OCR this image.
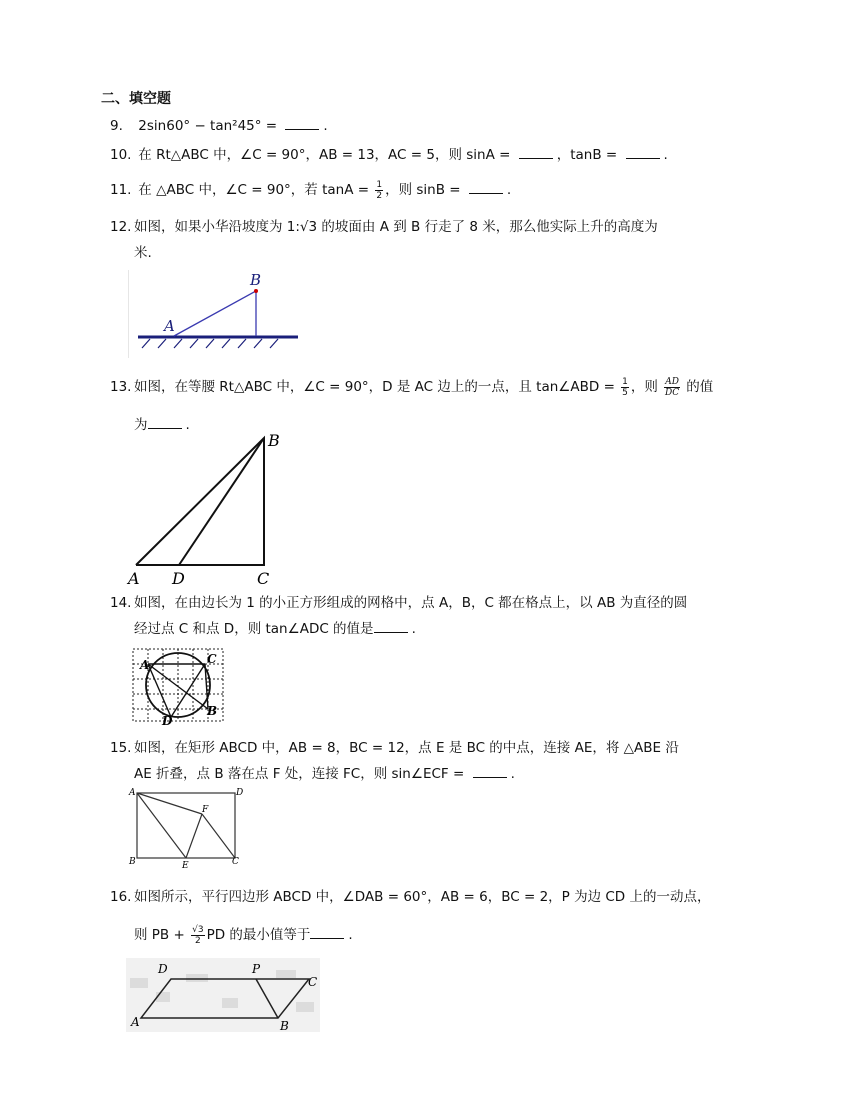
二、填空题
9. 2sin60° − tan²45° =	.
10. 在 Rt△ABC 中，∠C = 90°，AB = 13，AC = 5，则 sinA =	，tanB =	.
11. 在 △ABC 中，∠C = 90°，若 $\tan A = \frac{1}{2}$ ，则 sinB =	.
12. 如图，如果小华沿坡度为 1:√3 的坡面由 A 到 B 行走了 8 米，那么他实际上升的高度为
米.
A
B
13. 如图，在等腰 Rt△ABC 中，∠C = 90°，D 是 AC 边上的一点，且 tan∠ABD = $\frac{1}{5}$ ，则 $\frac{AD}{DC}$ 的值
为	.
A D	C
B
14. 如图，在由边长为 1 的小正方形组成的网格中，点 A，B，C 都在格点上，以 AB 为直径的圆
经过点 C 和点 D，则 tan∠ADC 的值是	.
A	C
B
D
15. 如图，在矩形 ABCD 中，AB = 8，BC = 12，点 E 是 BC 的中点，连接 AE，将 △ABE 沿
AE 折叠，点 B 落在点 F 处，连接 FC，则 sin∠ECF =	.
A	D
F
B	E	C
16. 如图所示，平行四边形 ABCD 中，∠DAB = 60°，AB = 6，BC = 2，P 为边 CD 上的一动点，
则 PB + $\frac{√3}{2}$ PD 的最小值等于	.
D	P
C
A	B
